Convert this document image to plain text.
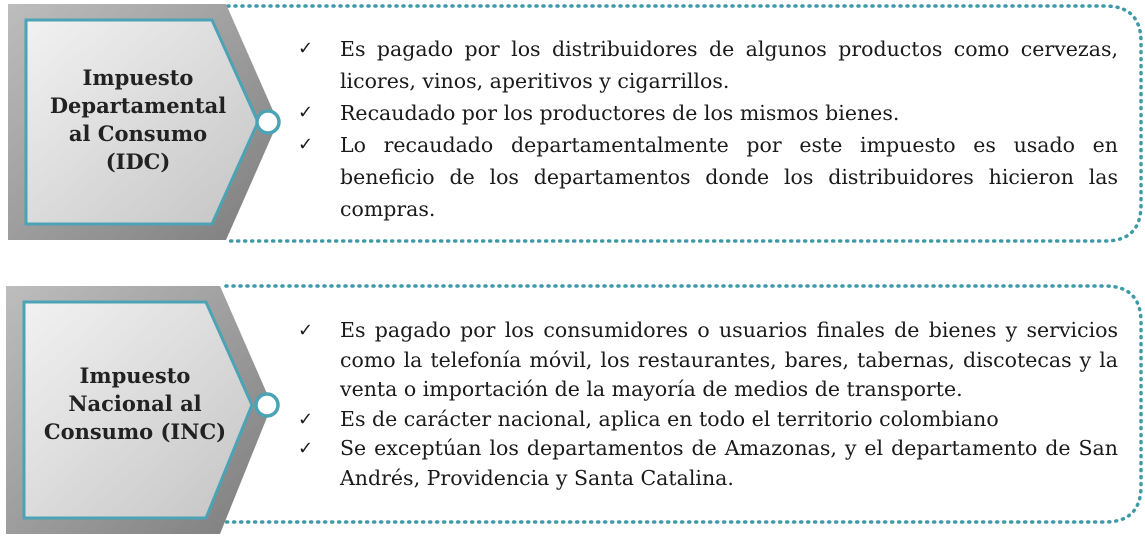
Impuesto
Departamental
al Consumo
(IDC)
✓	Es pagado por los distribuidores de algunos productos como cervezas, licores, vinos, aperitivos y cigarrillos.
✓	Recaudado por los productores de los mismos bienes.
✓	Lo recaudado departamentalmente por este impuesto es usado en beneficio de los departamentos donde los distribuidores hicieron las compras.
Impuesto
Nacional al
Consumo (INC)
✓	Es pagado por los consumidores o usuarios finales de bienes y servicios como la telefonía móvil, los restaurantes, bares, tabernas, discotecas y la venta o importación de la mayoría de medios de transporte.
✓	Es de carácter nacional, aplica en todo el territorio colombiano
✓	Se exceptúan los departamentos de Amazonas, y el departamento de San Andrés, Providencia y Santa Catalina.
